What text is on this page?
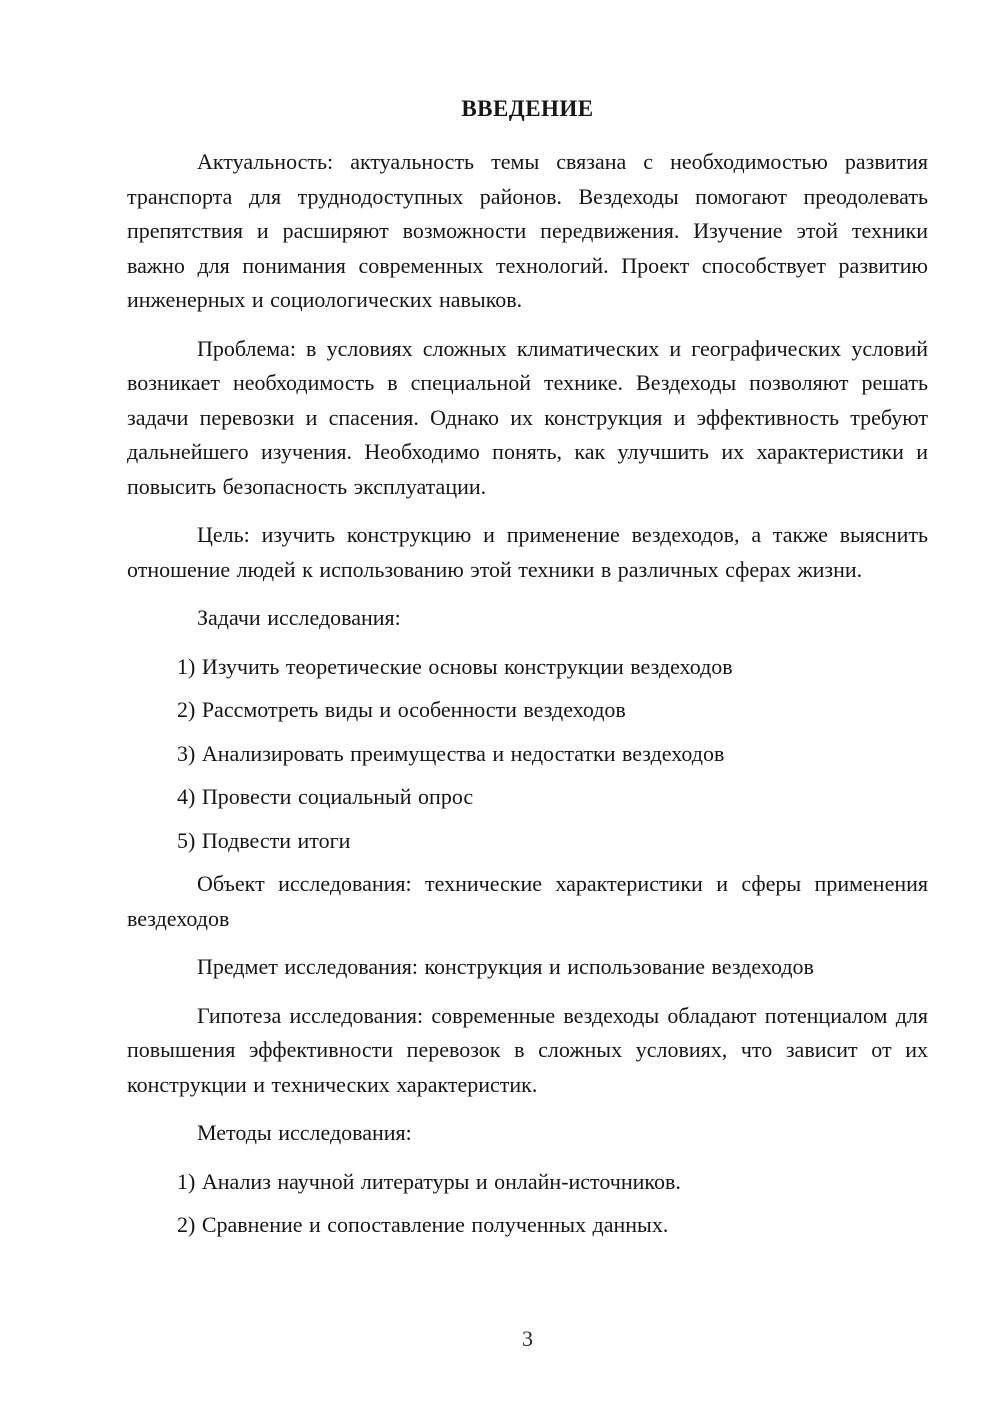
ВВЕДЕНИЕ

Актуальность: актуальность темы связана с необходимостью развития транспорта для труднодоступных районов. Вездеходы помогают преодолевать препятствия и расширяют возможности передвижения. Изучение этой техники важно для понимания современных технологий. Проект способствует развитию инженерных и социологических навыков.

Проблема: в условиях сложных климатических и географических условий возникает необходимость в специальной технике. Вездеходы позволяют решать задачи перевозки и спасения. Однако их конструкция и эффективность требуют дальнейшего изучения. Необходимо понять, как улучшить их характеристики и повысить безопасность эксплуатации.

Цель: изучить конструкцию и применение вездеходов, а также выяснить отношение людей к использованию этой техники в различных сферах жизни.

Задачи исследования:

1) Изучить теоретические основы конструкции вездеходов

2) Рассмотреть виды и особенности вездеходов

3) Анализировать преимущества и недостатки вездеходов

4) Провести социальный опрос

5) Подвести итоги

Объект исследования: технические характеристики и сферы применения вездеходов

Предмет исследования: конструкция и использование вездеходов

Гипотеза исследования: современные вездеходы обладают потенциалом для повышения эффективности перевозок в сложных условиях, что зависит от их конструкции и технических характеристик.

Методы исследования:

1) Анализ научной литературы и онлайн-источников.

2) Сравнение и сопоставление полученных данных.

3
